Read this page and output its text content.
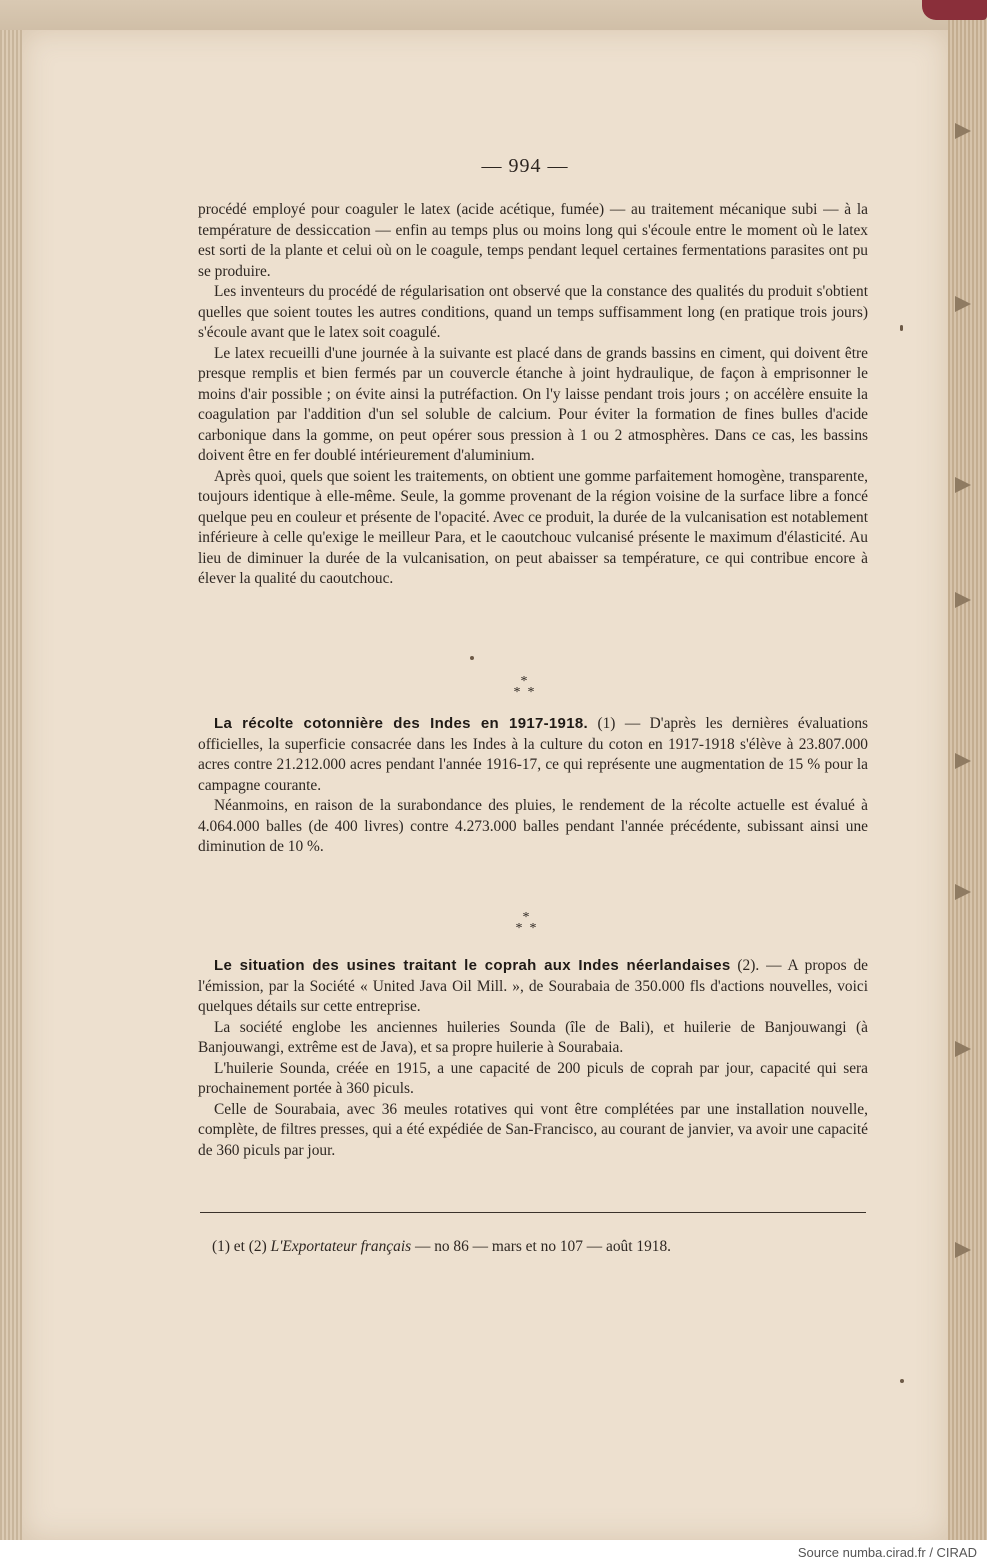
— 994 —

procédé employé pour coaguler le latex (acide acétique, fumée) — au traitement mécanique subi — à la température de dessiccation — enfin au temps plus ou moins long qui s'écoule entre le moment où le latex est sorti de la plante et celui où on le coagule, temps pendant lequel certaines fermentations parasites ont pu se produire.

Les inventeurs du procédé de régularisation ont observé que la constance des qualités du produit s'obtient quelles que soient toutes les autres conditions, quand un temps suffisamment long (en pratique trois jours) s'écoule avant que le latex soit coagulé.

Le latex recueilli d'une journée à la suivante est placé dans de grands bassins en ciment, qui doivent être presque remplis et bien fermés par un couvercle étanche à joint hydraulique, de façon à emprisonner le moins d'air possible ; on évite ainsi la putréfaction. On l'y laisse pendant trois jours ; on accélère ensuite la coagulation par l'addition d'un sel soluble de calcium. Pour éviter la formation de fines bulles d'acide carbonique dans la gomme, on peut opérer sous pression à 1 ou 2 atmosphères. Dans ce cas, les bassins doivent être en fer doublé intérieurement d'aluminium.

Après quoi, quels que soient les traitements, on obtient une gomme parfaitement homogène, transparente, toujours identique à elle-même. Seule, la gomme provenant de la région voisine de la surface libre a foncé quelque peu en couleur et présente de l'opacité. Avec ce produit, la durée de la vulcanisation est notablement inférieure à celle qu'exige le meilleur Para, et le caoutchouc vulcanisé présente le maximum d'élasticité. Au lieu de diminuer la durée de la vulcanisation, on peut abaisser sa température, ce qui contribue encore à élever la qualité du caoutchouc.

*
*  *

La récolte cotonnière des Indes en 1917-1918. (1) — D'après les dernières évaluations officielles, la superficie consacrée dans les Indes à la culture du coton en 1917-1918 s'élève à 23.807.000 acres contre 21.212.000 acres pendant l'année 1916-17, ce qui représente une augmentation de 15 % pour la campagne courante.

Néanmoins, en raison de la surabondance des pluies, le rendement de la récolte actuelle est évalué à 4.064.000 balles (de 400 livres) contre 4.273.000 balles pendant l'année précédente, subissant ainsi une diminution de 10 %.

*
*  *

Le situation des usines traitant le coprah aux Indes néerlandaises (2). — A propos de l'émission, par la Société « United Java Oil Mill. », de Sourabaia de 350.000 fls d'actions nouvelles, voici quelques détails sur cette entreprise.

La société englobe les anciennes huileries Sounda (île de Bali), et huilerie de Banjouwangi (à Banjouwangi, extrême est de Java), et sa propre huilerie à Sourabaia.

L'huilerie Sounda, créée en 1915, a une capacité de 200 piculs de coprah par jour, capacité qui sera prochainement portée à 360 piculs.

Celle de Sourabaia, avec 36 meules rotatives qui vont être complétées par une installation nouvelle, complète, de filtres presses, qui a été expédiée de San-Francisco, au courant de janvier, va avoir une capacité de 360 piculs par jour.

(1) et (2) L'Exportateur français — no 86 — mars et no 107 — août 1918.
Source numba.cirad.fr / CIRAD
